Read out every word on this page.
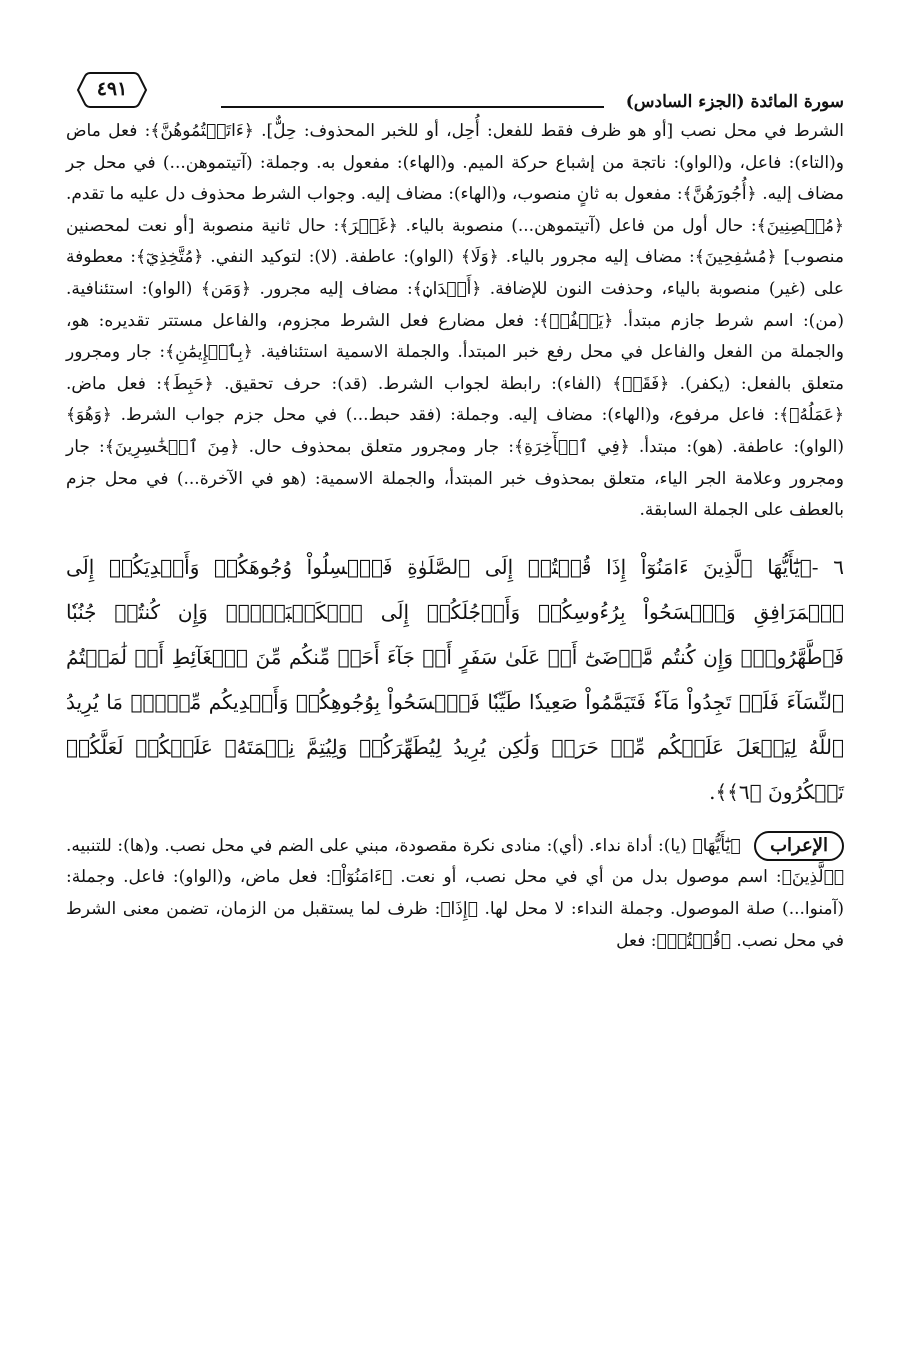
سورة المائدة (الجزء السادس)
٤٩١

الشرط في محل نصب [أو هو ظرف فقط للفعل: أُحِل، أو للخبر المحذوف: حِلٌّ]. ﴿ءَاتَيۡتُمُوهُنَّ﴾: فعل ماض و(التاء): فاعل، و(الواو): ناتجة من إشباع حركة الميم. و(الهاء): مفعول به. وجملة: (آتيتموهن...) في محل جر مضاف إليه. ﴿أُجُورَهُنَّ﴾: مفعول به ثانٍ منصوب، و(الهاء): مضاف إليه. وجواب الشرط محذوف دل عليه ما تقدم. ﴿مُحۡصِنِينَ﴾: حال أول من فاعل (آتيتموهن...) منصوبة بالياء. ﴿غَيۡرَ﴾: حال ثانية منصوبة [أو نعت لمحصنين منصوب] ﴿مُسَٰفِحِينَ﴾: مضاف إليه مجرور بالياء. ﴿وَلَا﴾ (الواو): عاطفة. (لا): لتوكيد النفي. ﴿مُتَّخِذِيٓ﴾: معطوفة على (غير) منصوبة بالياء، وحذفت النون للإضافة. ﴿أَخۡدَانٖ﴾: مضاف إليه مجرور. ﴿وَمَن﴾ (الواو): استئنافية. (من): اسم شرط جازم مبتدأ. ﴿يَكۡفُرۡ﴾: فعل مضارع فعل الشرط مجزوم، والفاعل مستتر تقديره: هو، والجملة من الفعل والفاعل في محل رفع خبر المبتدأ. والجملة الاسمية استئنافية. ﴿بِٱلۡإِيمَٰنِ﴾: جار ومجرور متعلق بالفعل: (يكفر). ﴿فَقَدۡ﴾ (الفاء): رابطة لجواب الشرط. (قد): حرف تحقيق. ﴿حَبِطَ﴾: فعل ماض. ﴿عَمَلُهُۥ﴾: فاعل مرفوع، و(الهاء): مضاف إليه. وجملة: (فقد حبط...) في محل جزم جواب الشرط. ﴿وَهُوَ﴾ (الواو): عاطفة. (هو): مبتدأ. ﴿فِي ٱلۡأٓخِرَةِ﴾: جار ومجرور متعلق بمحذوف حال. ﴿مِنَ ٱلۡخَٰسِرِينَ﴾: جار ومجرور وعلامة الجر الياء، متعلق بمحذوف خبر المبتدأ، والجملة الاسمية: (هو في الآخرة...) في محل جزم بالعطف على الجملة السابقة.

٦ -﴿يَٰٓأَيُّهَا ٱلَّذِينَ ءَامَنُوٓاْ إِذَا قُمۡتُمۡ إِلَى ٱلصَّلَوٰةِ فَٱغۡسِلُواْ وُجُوهَكُمۡ وَأَيۡدِيَكُمۡ إِلَى ٱلۡمَرَافِقِ وَٱمۡسَحُواْ بِرُءُوسِكُمۡ وَأَرۡجُلَكُمۡ إِلَى ٱلۡكَعۡبَيۡنِۚ وَإِن كُنتُمۡ جُنُبٗا فَٱطَّهَّرُواْۚ وَإِن كُنتُم مَّرۡضَىٰٓ أَوۡ عَلَىٰ سَفَرٍ أَوۡ جَآءَ أَحَدٞ مِّنكُم مِّنَ ٱلۡغَآئِطِ أَوۡ لَٰمَسۡتُمُ ٱلنِّسَآءَ فَلَمۡ تَجِدُواْ مَآءٗ فَتَيَمَّمُواْ صَعِيدٗا طَيِّبٗا فَٱمۡسَحُواْ بِوُجُوهِكُمۡ وَأَيۡدِيكُم مِّنۡهُۚ مَا يُرِيدُ ٱللَّهُ لِيَجۡعَلَ عَلَيۡكُم مِّنۡ حَرَجٖ وَلَٰكِن يُرِيدُ لِيُطَهِّرَكُمۡ وَلِيُتِمَّ نِعۡمَتَهُۥ عَلَيۡكُمۡ لَعَلَّكُمۡ تَشۡكُرُونَ ﴿٦﴾﴾.

الإعراب ﴿يَٰٓأَيُّهَا﴾ (يا): أداة نداء. (أي): منادى نكرة مقصودة، مبني على الضم في محل نصب. و(ها): للتنبيه. ﴿ٱلَّذِينَ﴾: اسم موصول بدل من أي في محل نصب، أو نعت. ﴿ءَامَنُوٓاْ﴾: فعل ماض، و(الواو): فاعل. وجملة: (آمنوا...) صلة الموصول. وجملة النداء: لا محل لها. ﴿إِذَا﴾: ظرف لما يستقبل من الزمان، تضمن معنى الشرط في محل نصب. ﴿قُمۡتُمۡ﴾: فعل
